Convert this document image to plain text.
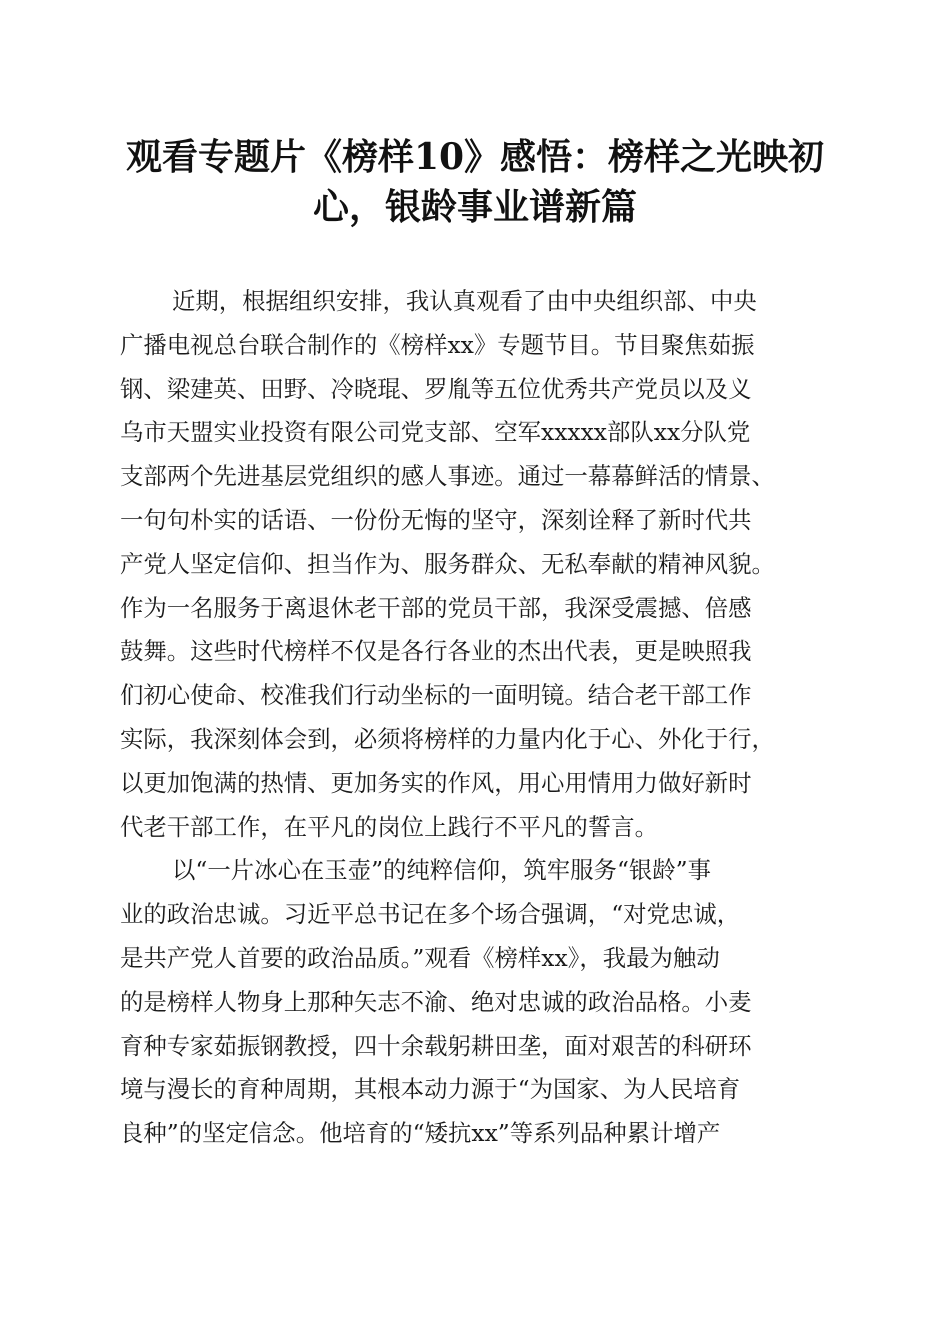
观看专题片《榜样10》感悟：榜样之光映初
心，银龄事业谱新篇
近期，根据组织安排，我认真观看了由中央组织部、中央
广播电视总台联合制作的《榜样xx》专题节目。节目聚焦茹振
钢、梁建英、田野、冷晓琨、罗胤等五位优秀共产党员以及义
乌市天盟实业投资有限公司党支部、空军xxxxx部队xx分队党
支部两个先进基层党组织的感人事迹。通过一幕幕鲜活的情景、
一句句朴实的话语、一份份无悔的坚守，深刻诠释了新时代共
产党人坚定信仰、担当作为、服务群众、无私奉献的精神风貌。
作为一名服务于离退休老干部的党员干部，我深受震撼、倍感
鼓舞。这些时代榜样不仅是各行各业的杰出代表，更是映照我
们初心使命、校准我们行动坐标的一面明镜。结合老干部工作
实际，我深刻体会到，必须将榜样的力量内化于心、外化于行，
以更加饱满的热情、更加务实的作风，用心用情用力做好新时
代老干部工作，在平凡的岗位上践行不平凡的誓言。
以“一片冰心在玉壶”的纯粹信仰，筑牢服务“银龄”事
业的政治忠诚。习近平总书记在多个场合强调，“对党忠诚，
是共产党人首要的政治品质。”观看《榜样xx》，我最为触动
的是榜样人物身上那种矢志不渝、绝对忠诚的政治品格。小麦
育种专家茹振钢教授，四十余载躬耕田垄，面对艰苦的科研环
境与漫长的育种周期，其根本动力源于“为国家、为人民培育
良种”的坚定信念。他培育的“矮抗xx”等系列品种累计增产
